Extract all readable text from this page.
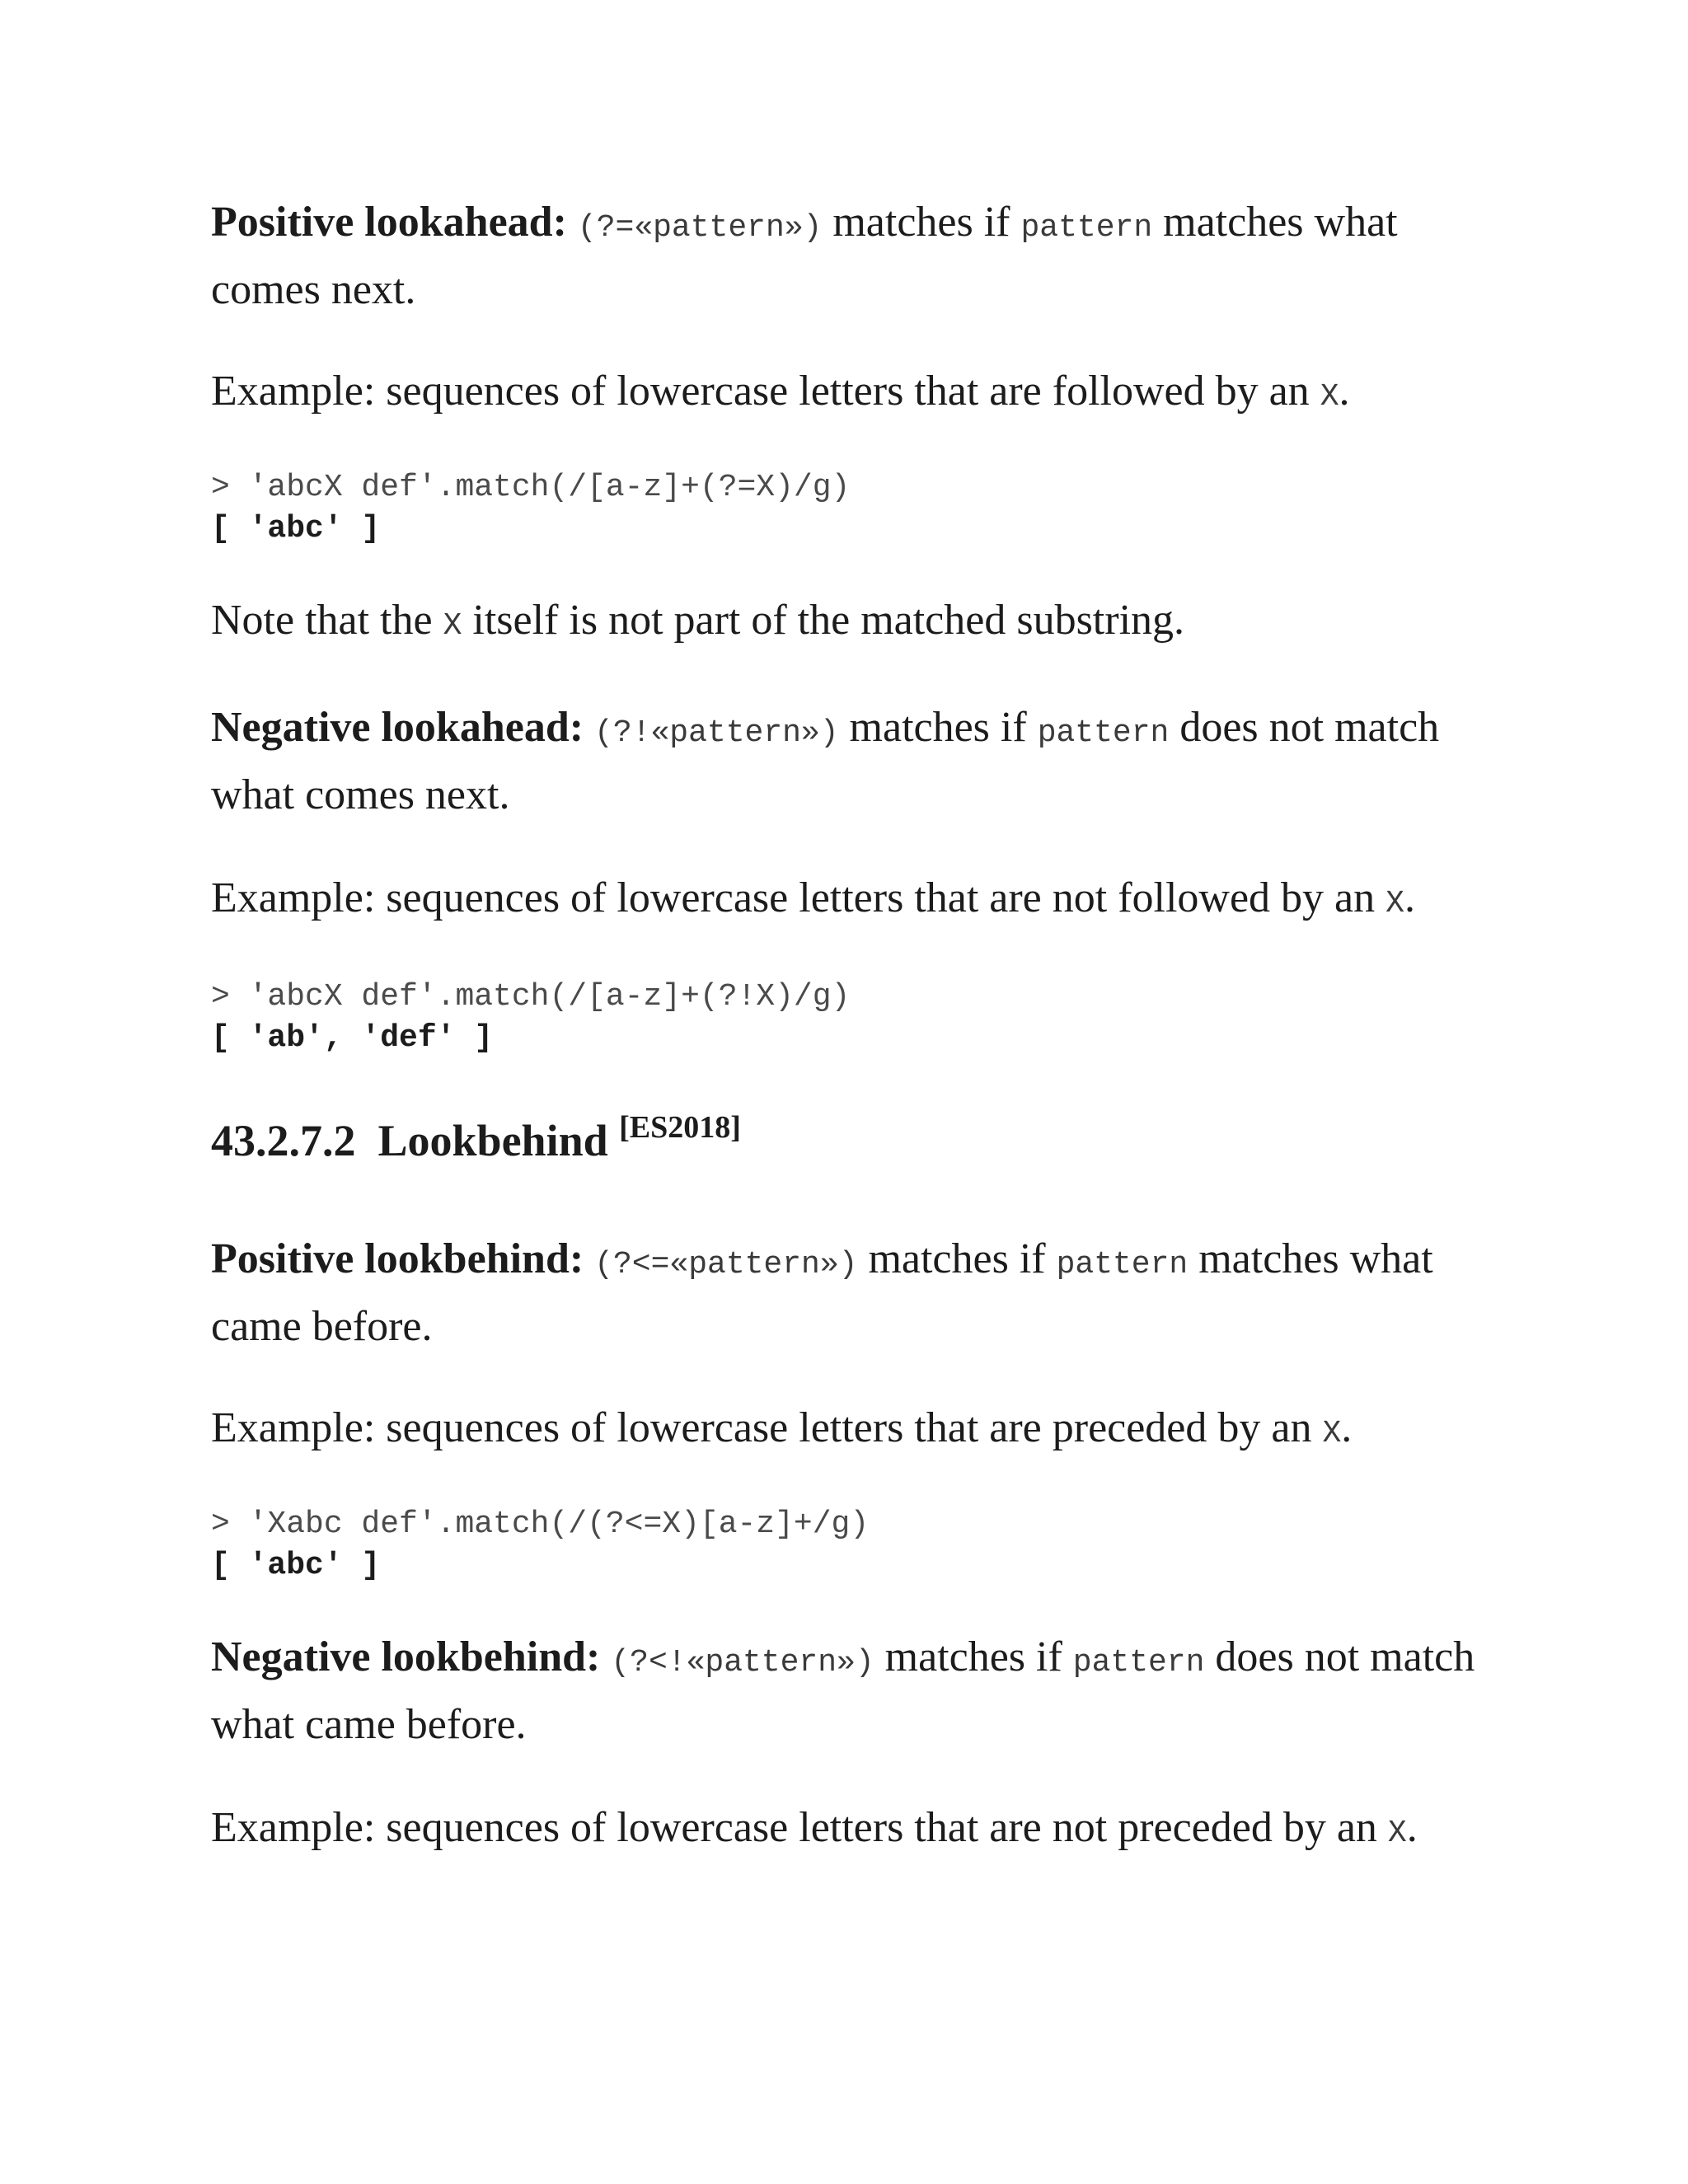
Positive lookahead: (?=«pattern») matches if pattern matches what comes next.

Example: sequences of lowercase letters that are followed by an X.

> 'abcX def'.match(/[a-z]+(?=X)/g)
[ 'abc' ]

Note that the X itself is not part of the matched substring.

Negative lookahead: (?!«pattern») matches if pattern does not match what comes next.

Example: sequences of lowercase letters that are not followed by an X.

> 'abcX def'.match(/[a-z]+(?!X)/g)
[ 'ab', 'def' ]
43.2.7.2 Lookbehind [ES2018]

Positive lookbehind: (?<=«pattern») matches if pattern matches what came before.

Example: sequences of lowercase letters that are preceded by an X.

> 'Xabc def'.match(/(?<=X)[a-z]+/g)
[ 'abc' ]

Negative lookbehind: (?<!«pattern») matches if pattern does not match what came before.

Example: sequences of lowercase letters that are not preceded by an X.
